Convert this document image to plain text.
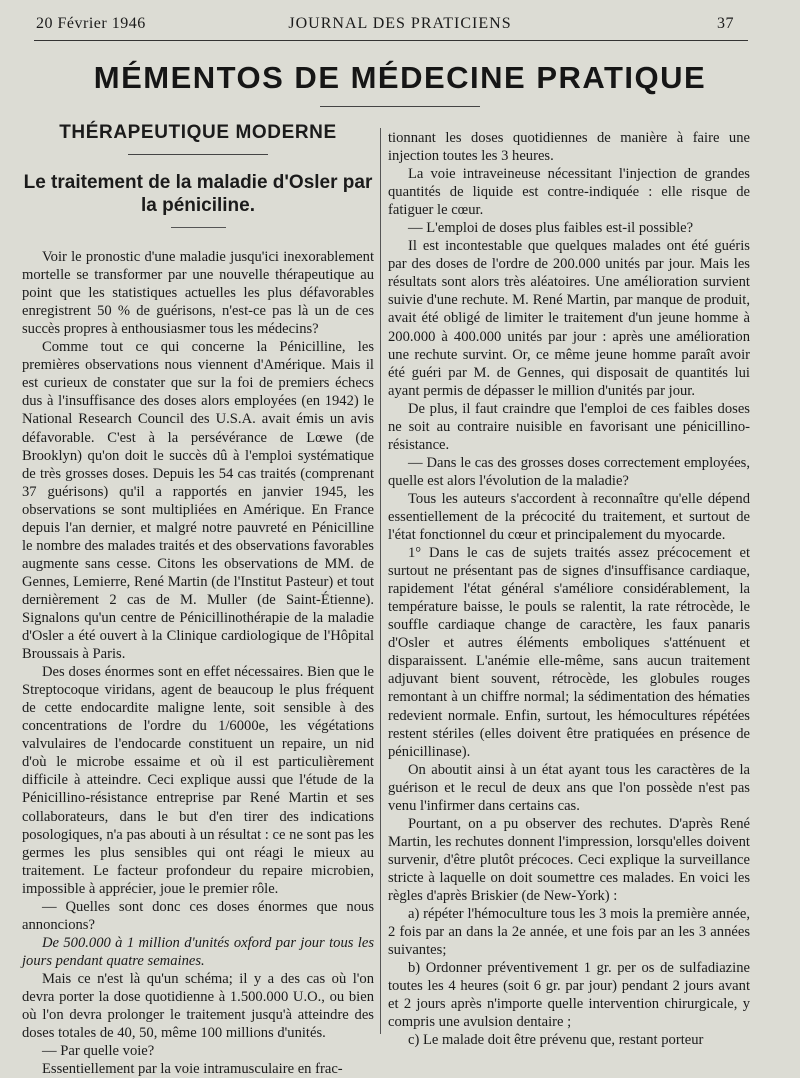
20 Février 1946	JOURNAL DES PRATICIENS	37
MÉMENTOS DE MÉDECINE PRATIQUE
THÉRAPEUTIQUE MODERNE
Le traitement de la maladie d'Osler par la péniciline.

Voir le pronostic d'une maladie jusqu'ici inexorablement mortelle se transformer par une nouvelle thérapeutique au point que les statistiques actuelles les plus défavorables enregistrent 50 % de guérisons, n'est-ce pas là un de ces succès propres à enthousiasmer tous les médecins?

Comme tout ce qui concerne la Pénicilline, les premières observations nous viennent d'Amérique. Mais il est curieux de constater que sur la foi de premiers échecs dus à l'insuffisance des doses alors employées (en 1942) le National Research Council des U.S.A. avait émis un avis défavorable. C'est à la persévérance de Lœwe (de Brooklyn) qu'on doit le succès dû à l'emploi systématique de très grosses doses. Depuis les 54 cas traités (comprenant 37 guérisons) qu'il a rapportés en janvier 1945, les observations se sont multipliées en Amérique. En France depuis l'an dernier, et malgré notre pauvreté en Pénicilline le nombre des malades traités et des observations favorables augmente sans cesse. Citons les observations de MM. de Gennes, Lemierre, René Martin (de l'Institut Pasteur) et tout dernièrement 2 cas de M. Muller (de Saint-Étienne). Signalons qu'un centre de Pénicillinothérapie de la maladie d'Osler a été ouvert à la Clinique cardiologique de l'Hôpital Broussais à Paris.

Des doses énormes sont en effet nécessaires. Bien que le Streptocoque viridans, agent de beaucoup le plus fréquent de cette endocardite maligne lente, soit sensible à des concentrations de l'ordre du 1/6000e, les végétations valvulaires de l'endocarde constituent un repaire, un nid d'où le microbe essaime et où il est particulièrement difficile à atteindre. Ceci explique aussi que l'étude de la Pénicillino-résistance entreprise par René Martin et ses collaborateurs, dans le but d'en tirer des indications posologiques, n'a pas abouti à un résultat : ce ne sont pas les germes les plus sensibles qui ont réagi le mieux au traitement. Le facteur profondeur du repaire microbien, impossible à apprécier, joue le premier rôle.

— Quelles sont donc ces doses énormes que nous annoncions?

De 500.000 à 1 million d'unités oxford par jour tous les jours pendant quatre semaines.

Mais ce n'est là qu'un schéma; il y a des cas où l'on devra porter la dose quotidienne à 1.500.000 U.O., ou bien où l'on devra prolonger le traitement jusqu'à atteindre des doses totales de 40, 50, même 100 millions d'unités.

— Par quelle voie?

Essentiellement par la voie intramusculaire en frac-

tionnant les doses quotidiennes de manière à faire une injection toutes les 3 heures.

La voie intraveineuse nécessitant l'injection de grandes quantités de liquide est contre-indiquée : elle risque de fatiguer le cœur.

— L'emploi de doses plus faibles est-il possible?

Il est incontestable que quelques malades ont été guéris par des doses de l'ordre de 200.000 unités par jour. Mais les résultats sont alors très aléatoires. Une amélioration survient suivie d'une rechute. M. René Martin, par manque de produit, avait été obligé de limiter le traitement d'un jeune homme à 200.000 à 400.000 unités par jour : après une amélioration une rechute survint. Or, ce même jeune homme paraît avoir été guéri par M. de Gennes, qui disposait de quantités lui ayant permis de dépasser le million d'unités par jour.

De plus, il faut craindre que l'emploi de ces faibles doses ne soit au contraire nuisible en favorisant une pénicillino-résistance.

— Dans le cas des grosses doses correctement employées, quelle est alors l'évolution de la maladie?

Tous les auteurs s'accordent à reconnaître qu'elle dépend essentiellement de la précocité du traitement, et surtout de l'état fonctionnel du cœur et principalement du myocarde.

1° Dans le cas de sujets traités assez précocement et surtout ne présentant pas de signes d'insuffisance cardiaque, rapidement l'état général s'améliore considérablement, la température baisse, le pouls se ralentit, la rate rétrocède, le souffle cardiaque change de caractère, les faux panaris d'Osler et autres éléments emboliques s'atténuent et disparaissent. L'anémie elle-même, sans aucun traitement adjuvant bient souvent, rétrocède, les globules rouges remontant à un chiffre normal; la sédimentation des hématies redevient normale. Enfin, surtout, les hémocultures répétées restent stériles (elles doivent être pratiquées en présence de pénicillinase).

On aboutit ainsi à un état ayant tous les caractères de la guérison et le recul de deux ans que l'on possède n'est pas venu l'infirmer dans certains cas.

Pourtant, on a pu observer des rechutes. D'après René Martin, les rechutes donnent l'impression, lorsqu'elles doivent survenir, d'être plutôt précoces. Ceci explique la surveillance stricte à laquelle on doit soumettre ces malades. En voici les règles d'après Briskier (de New-York) :

a) répéter l'hémoculture tous les 3 mois la première année, 2 fois par an dans la 2e année, et une fois par an les 3 années suivantes;

b) Ordonner préventivement 1 gr. per os de sulfadiazine toutes les 4 heures (soit 6 gr. par jour) pendant 2 jours avant et 2 jours après n'importe quelle intervention chirurgicale, y compris une avulsion dentaire ;

c) Le malade doit être prévenu que, restant porteur
